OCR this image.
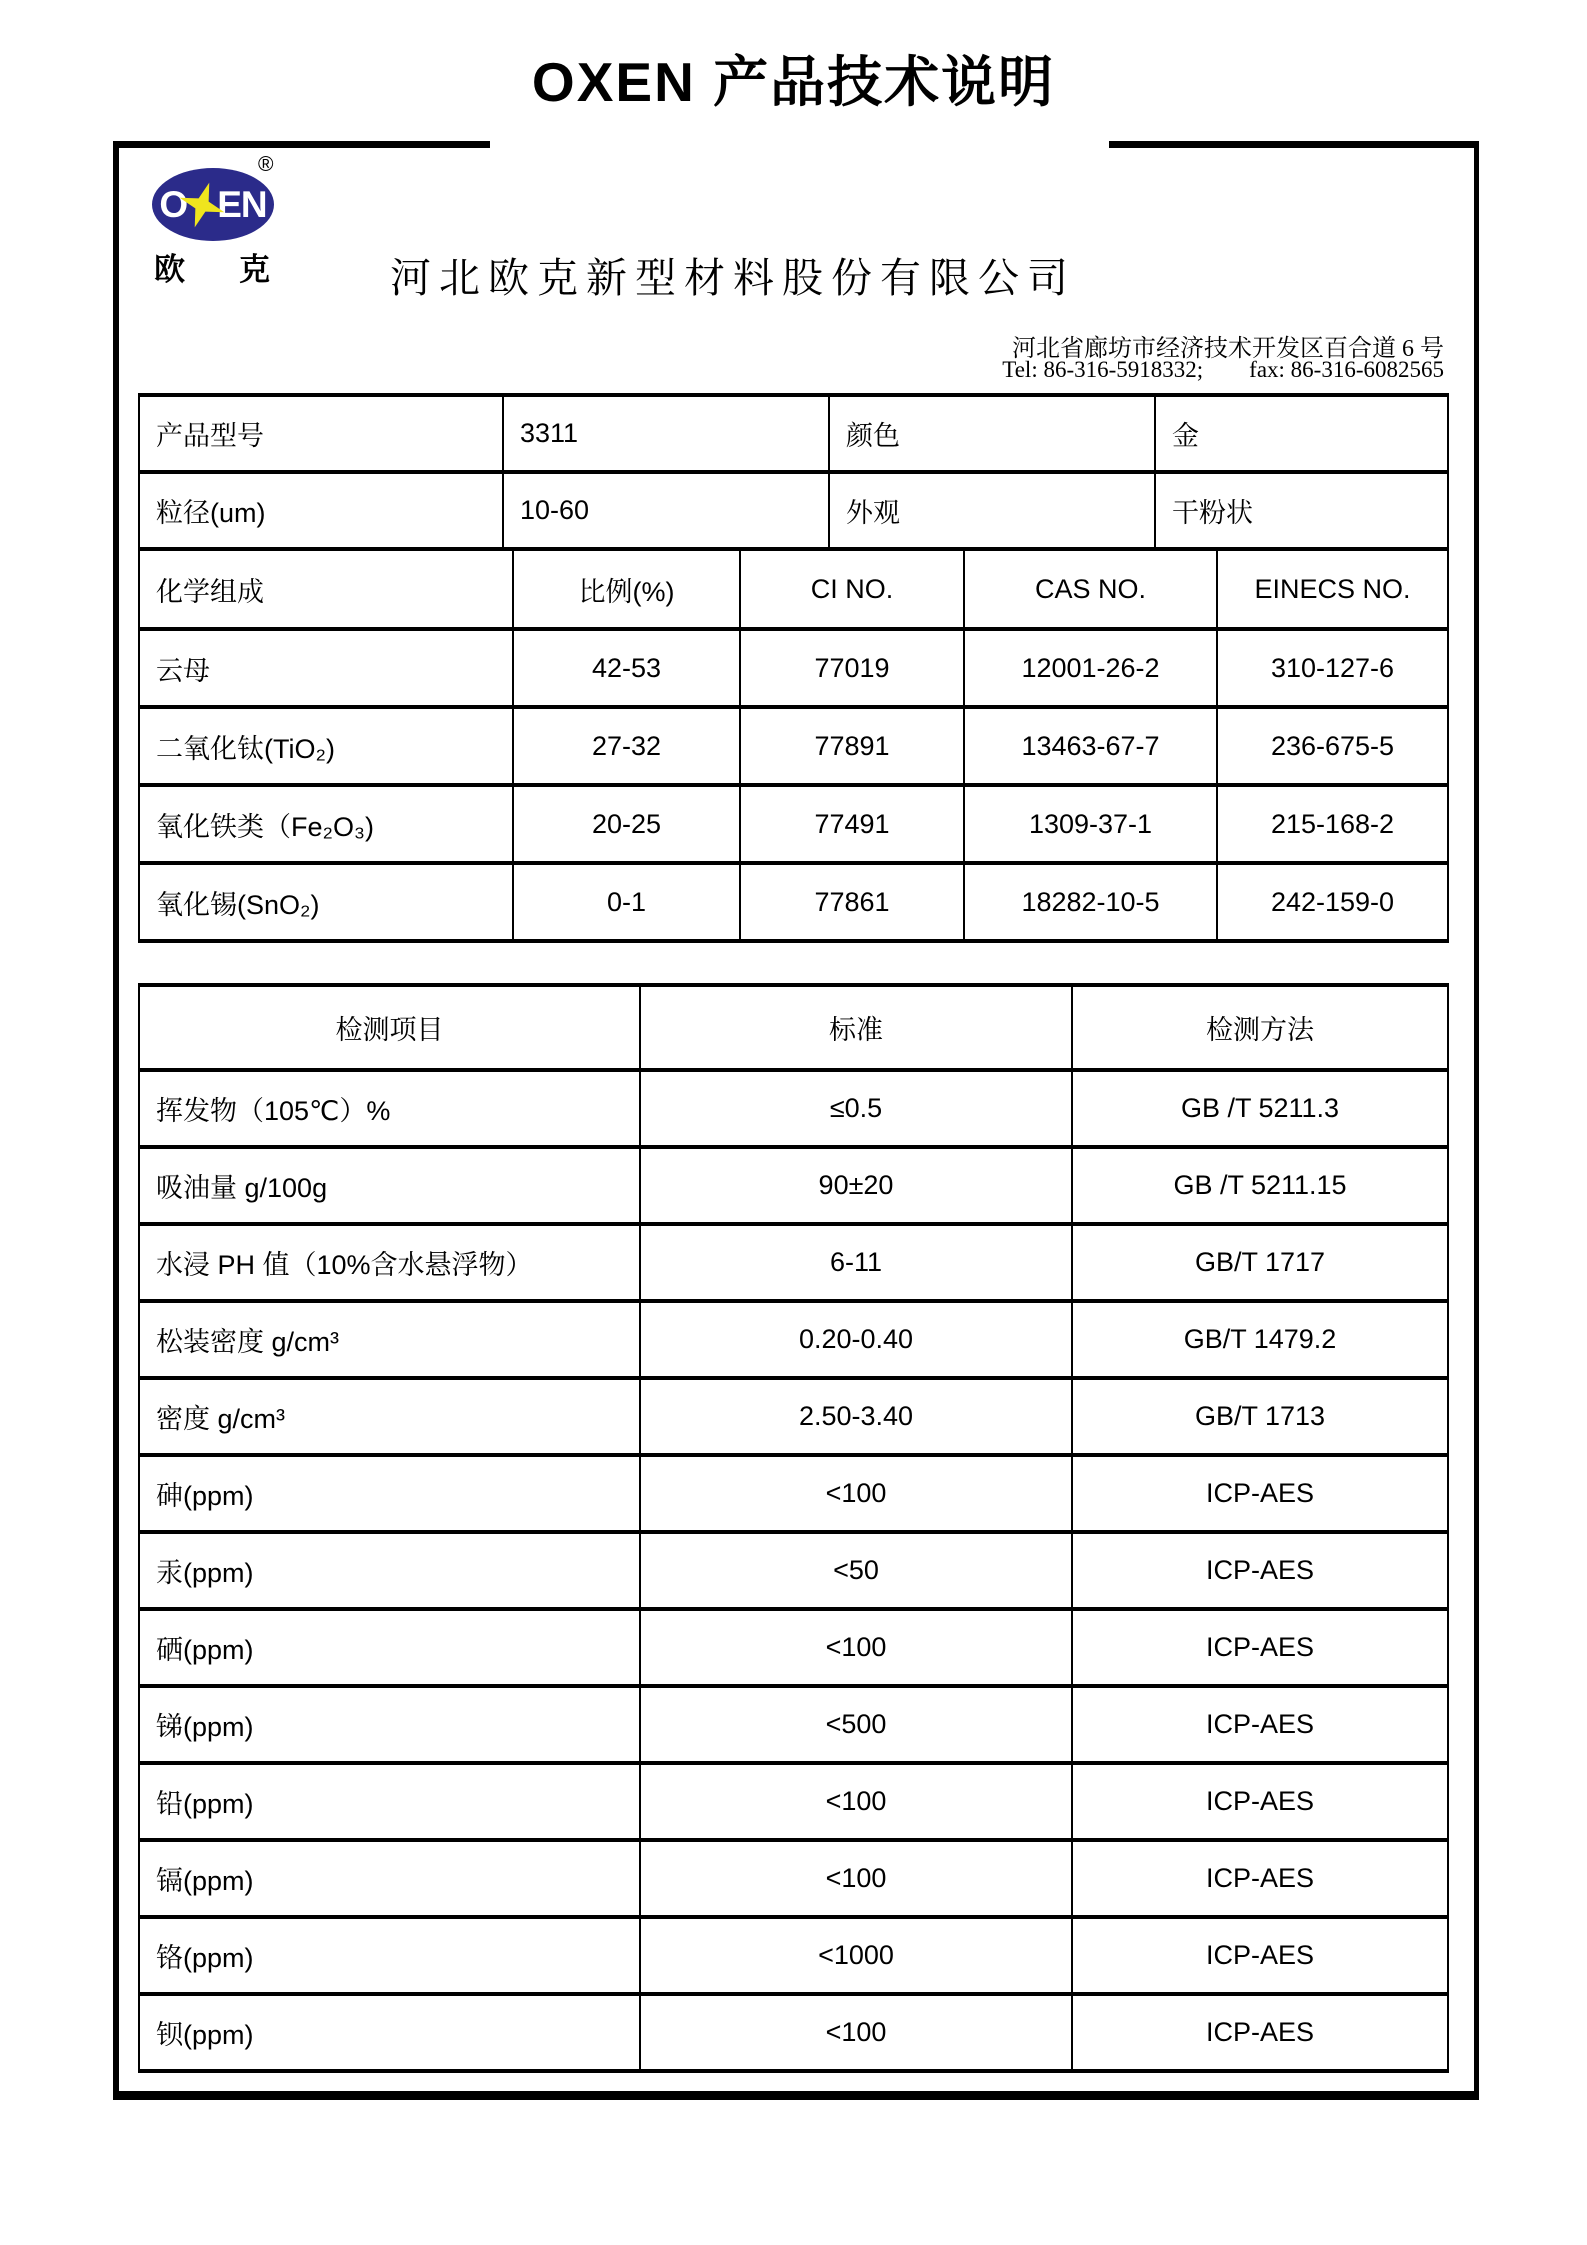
OXEN 产品技术说明
O EN
®
欧 克	河北欧克新型材料股份有限公司
河北省廊坊市经济技术开发区百合道 6 号
Tel: 86-316-5918332; fax: 86-316-6082565
产品型号	3311	颜色	金
粒径(um)	10-60	外观	干粉状
化学组成	比例(%)	CI NO.	CAS NO.	EINECS NO.
云母	42-53	77019	12001-26-2	310-127-6
二氧化钛(TiO₂)	27-32	77891	13463-67-7	236-675-5
氧化铁类（Fe₂O₃)	20-25	77491	1309-37-1	215-168-2
氧化锡(SnO₂)	0-1	77861	18282-10-5	242-159-0
检测项目	标准	检测方法
挥发物（105℃）%	≤0.5	GB /T 5211.3
吸油量 g/100g	90±20	GB /T 5211.15
水浸 PH 值（10%含水悬浮物）	6-11	GB/T 1717
松装密度 g/cm³	0.20-0.40	GB/T 1479.2
密度 g/cm³	2.50-3.40	GB/T 1713
砷(ppm)	<100	ICP-AES
汞(ppm)	<50	ICP-AES
硒(ppm)	<100	ICP-AES
锑(ppm)	<500	ICP-AES
铅(ppm)	<100	ICP-AES
镉(ppm)	<100	ICP-AES
铬(ppm)	<1000	ICP-AES
钡(ppm)	<100	ICP-AES
